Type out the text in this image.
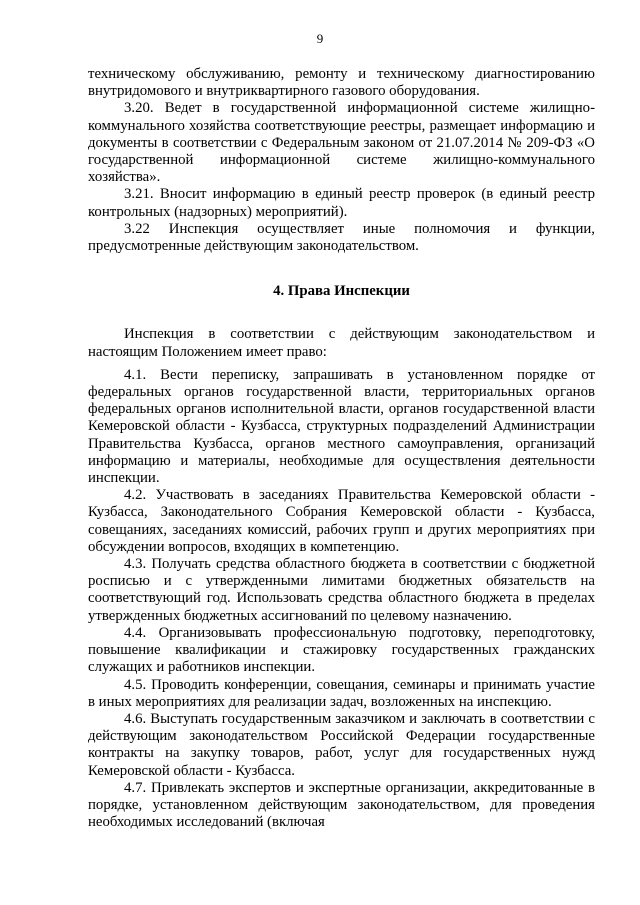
9

техническому обслуживанию, ремонту и техническому диагностированию внутридомового и внутриквартирного газового оборудования.

3.20. Ведет в государственной информационной системе жилищно-коммунального хозяйства соответствующие реестры, размещает информацию и документы в соответствии с Федеральным законом от 21.07.2014 № 209-ФЗ «О государственной информационной системе жилищно-коммунального хозяйства».

3.21. Вносит информацию в единый реестр проверок (в единый реестр контрольных (надзорных) мероприятий).

3.22 Инспекция осуществляет иные полномочия и функции, предусмотренные действующим законодательством.

4. Права Инспекции

Инспекция в соответствии с действующим законодательством и настоящим Положением имеет право:

4.1. Вести переписку, запрашивать в установленном порядке от федеральных органов государственной власти, территориальных органов федеральных органов исполнительной власти, органов государственной власти Кемеровской области - Кузбасса, структурных подразделений Администрации Правительства Кузбасса, органов местного самоуправления, организаций информацию и материалы, необходимые для осуществления деятельности инспекции.

4.2. Участвовать в заседаниях Правительства Кемеровской области - Кузбасса, Законодательного Собрания Кемеровской области - Кузбасса, совещаниях, заседаниях комиссий, рабочих групп и других мероприятиях при обсуждении вопросов, входящих в компетенцию.

4.3. Получать средства областного бюджета в соответствии с бюджетной росписью и с утвержденными лимитами бюджетных обязательств на соответствующий год. Использовать средства областного бюджета в пределах утвержденных бюджетных ассигнований по целевому назначению.

4.4. Организовывать профессиональную подготовку, переподготовку, повышение квалификации и стажировку государственных гражданских служащих и работников инспекции.

4.5. Проводить конференции, совещания, семинары и принимать участие в иных мероприятиях для реализации задач, возложенных на инспекцию.

4.6. Выступать государственным заказчиком и заключать в соответствии с действующим законодательством Российской Федерации государственные контракты на закупку товаров, работ, услуг для государственных нужд Кемеровской области - Кузбасса.

4.7. Привлекать экспертов и экспертные организации, аккредитованные в порядке, установленном действующим законодательством, для проведения необходимых исследований (включая
